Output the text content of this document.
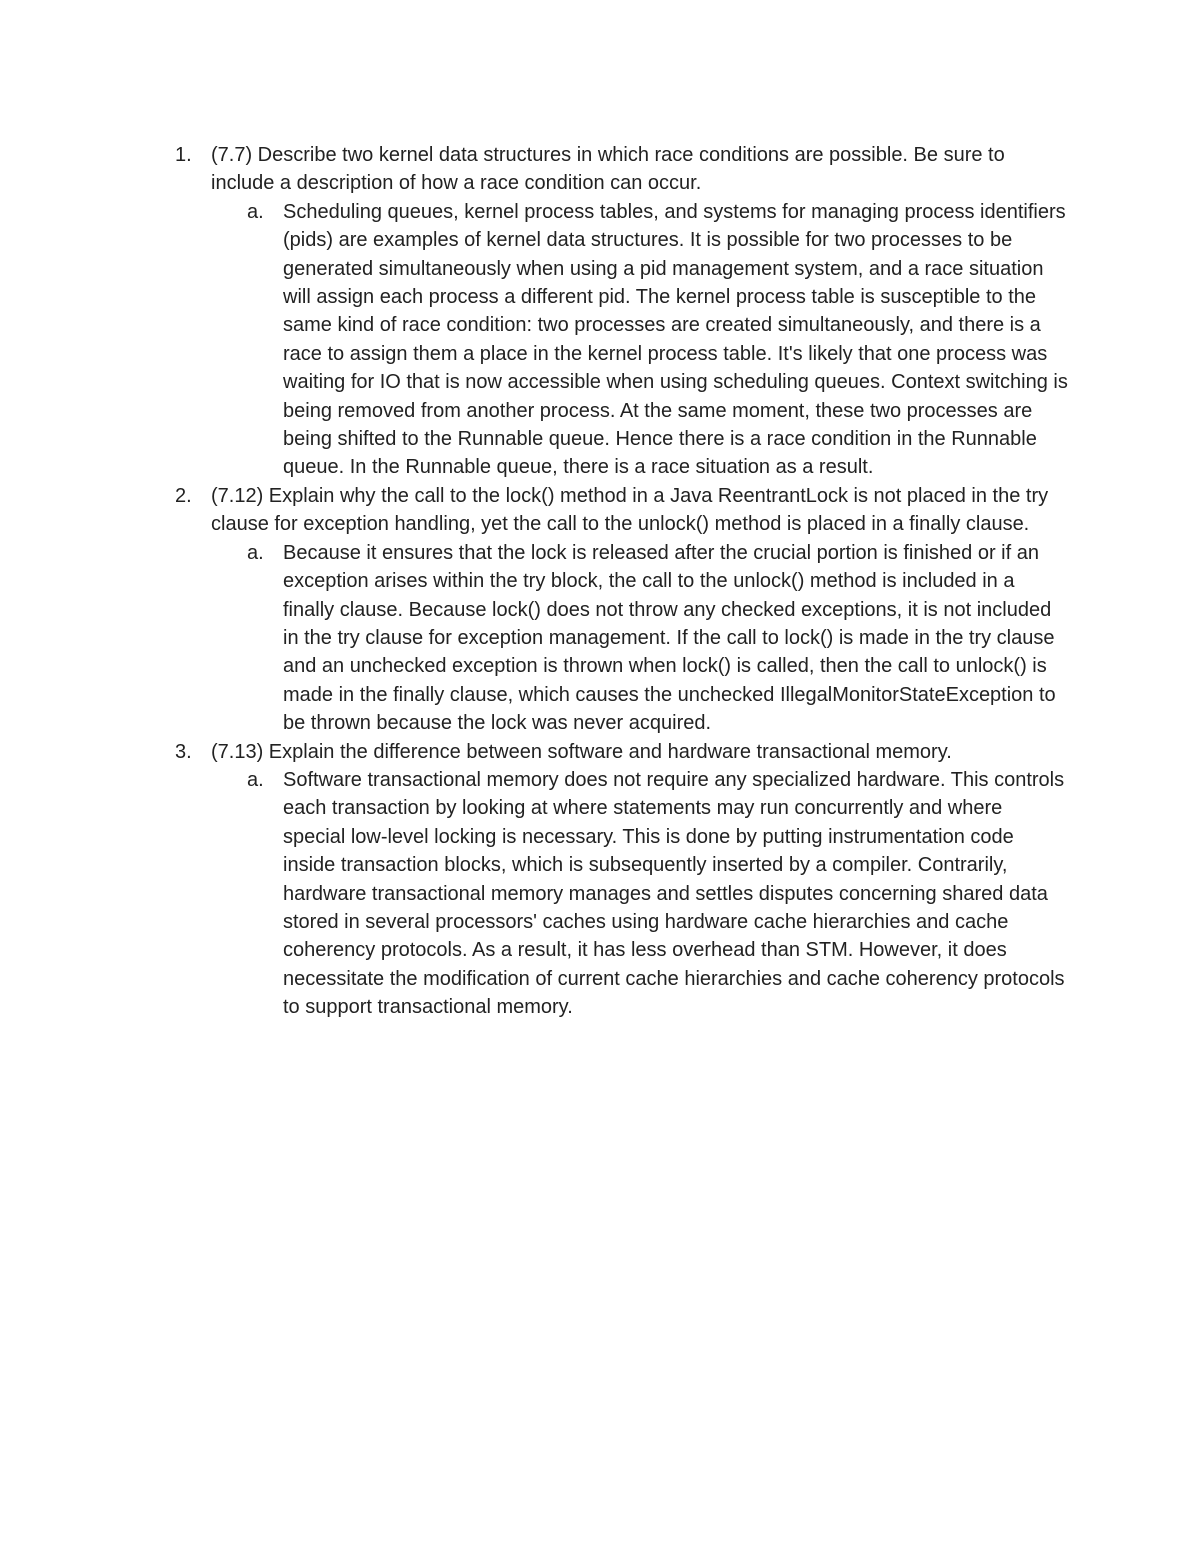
1. (7.7) Describe two kernel data structures in which race conditions are possible. Be sure to include a description of how a race condition can occur.
a. Scheduling queues, kernel process tables, and systems for managing process identifiers (pids) are examples of kernel data structures. It is possible for two processes to be generated simultaneously when using a pid management system, and a race situation will assign each process a different pid. The kernel process table is susceptible to the same kind of race condition: two processes are created simultaneously, and there is a race to assign them a place in the kernel process table. It's likely that one process was waiting for IO that is now accessible when using scheduling queues. Context switching is being removed from another process. At the same moment, these two processes are being shifted to the Runnable queue. Hence there is a race condition in the Runnable queue. In the Runnable queue, there is a race situation as a result.
2. (7.12) Explain why the call to the lock() method in a Java ReentrantLock is not placed in the try clause for exception handling, yet the call to the unlock() method is placed in a finally clause.
a. Because it ensures that the lock is released after the crucial portion is finished or if an exception arises within the try block, the call to the unlock() method is included in a finally clause. Because lock() does not throw any checked exceptions, it is not included in the try clause for exception management. If the call to lock() is made in the try clause and an unchecked exception is thrown when lock() is called, then the call to unlock() is made in the finally clause, which causes the unchecked IllegalMonitorStateException to be thrown because the lock was never acquired.
3. (7.13) Explain the difference between software and hardware transactional memory.
a. Software transactional memory does not require any specialized hardware. This controls each transaction by looking at where statements may run concurrently and where special low-level locking is necessary. This is done by putting instrumentation code inside transaction blocks, which is subsequently inserted by a compiler. Contrarily, hardware transactional memory manages and settles disputes concerning shared data stored in several processors' caches using hardware cache hierarchies and cache coherency protocols. As a result, it has less overhead than STM. However, it does necessitate the modification of current cache hierarchies and cache coherency protocols to support transactional memory.
